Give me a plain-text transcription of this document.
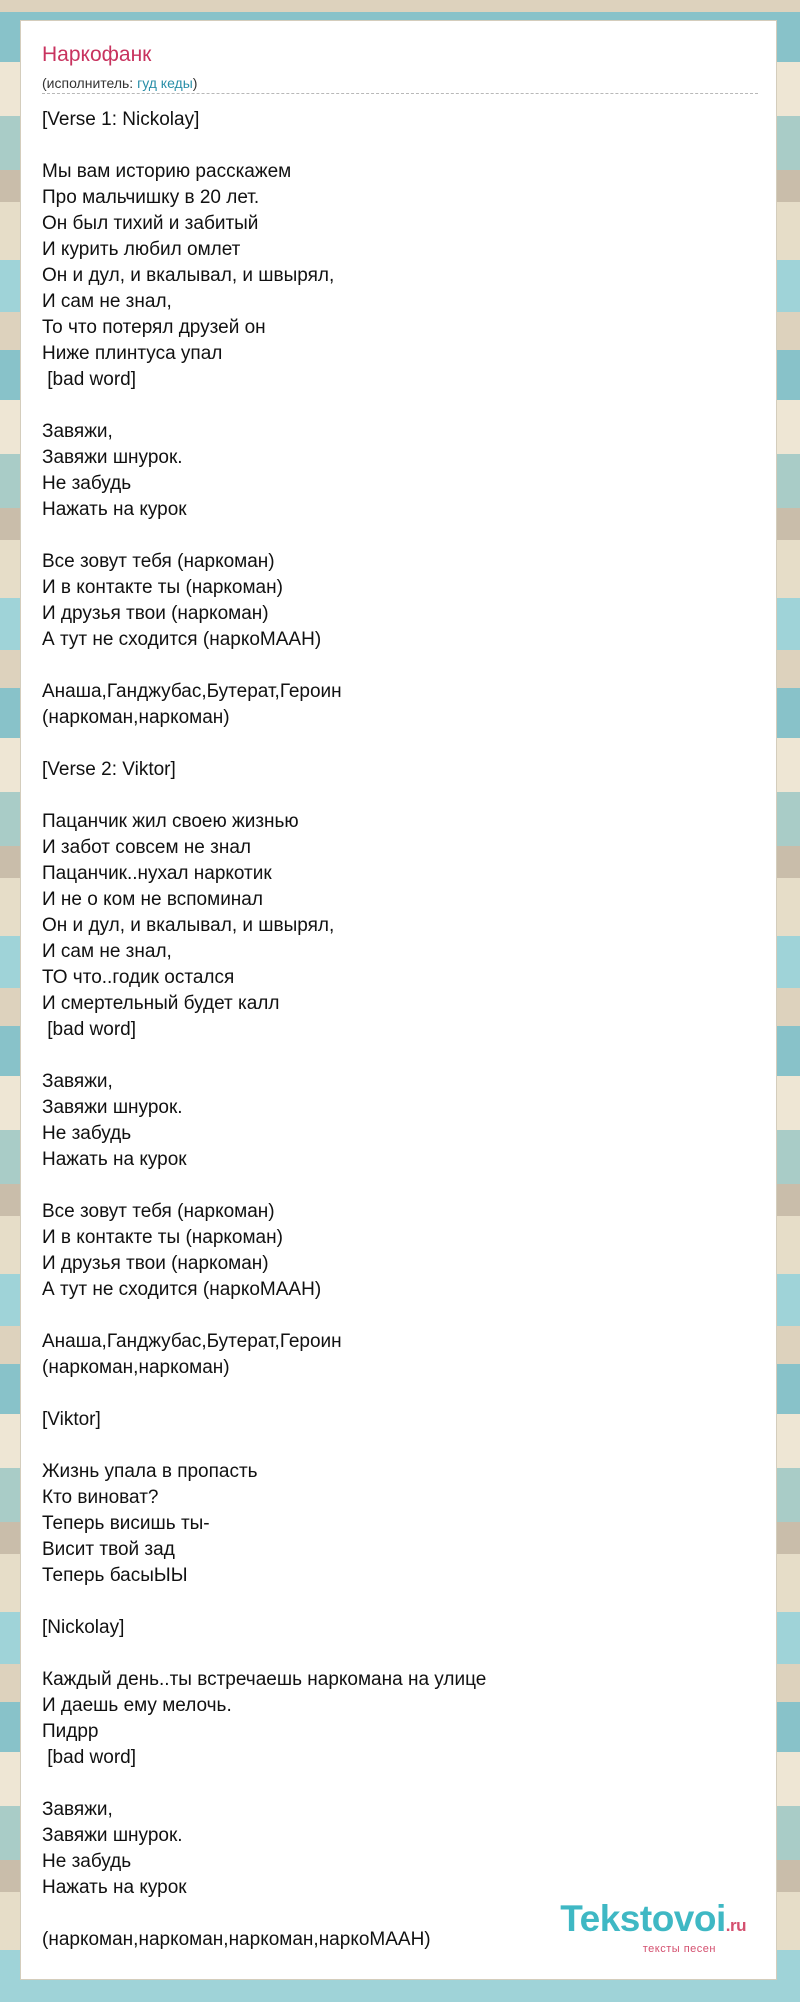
Наркофанк
(исполнитель: гуд кеды)
[Verse 1: Nickolay]
Мы вам историю расскажем
Про мальчишку в 20 лет.
Он был тихий и забитый
И курить любил омлет
Он и дул, и вкалывал, и швырял,
И сам не знал,
То что потерял друзей он
Ниже плинтуса упал
[bad word]
Завяжи,
Завяжи шнурок.
Не забудь
Нажать на курок
Все зовут тебя (наркоман)
И в контакте ты (наркоман)
И друзья твои (наркоман)
А тут не сходится (наркоМААН)
Анаша,Ганджубас,Бутерат,Героин
(наркоман,наркоман)
[Verse 2: Viktor]
Пацанчик жил своею жизнью
И забот совсем не знал
Пацанчик..нухал наркотик
И не о ком не вспоминал
Он и дул, и вкалывал, и швырял,
И сам не знал,
ТО что..годик остался
И смертельный будет калл
[bad word]
Завяжи,
Завяжи шнурок.
Не забудь
Нажать на курок
Все зовут тебя (наркоман)
И в контакте ты (наркоман)
И друзья твои (наркоман)
А тут не сходится (наркоМААН)
Анаша,Ганджубас,Бутерат,Героин
(наркоман,наркоман)
[Viktor]
Жизнь упала в пропасть
Кто виноват?
Теперь висишь ты-
Висит твой зад
Теперь басыЫЫ
[Nickolay]
Каждый день..ты встречаешь наркомана на улице
И даешь ему мелочь.
Пидрр
[bad word]
Завяжи,
Завяжи шнурок.
Не забудь
Нажать на курок
(наркоман,наркоман,наркоман,наркоМААН)
Tekstovoi.ru
тексты песен
